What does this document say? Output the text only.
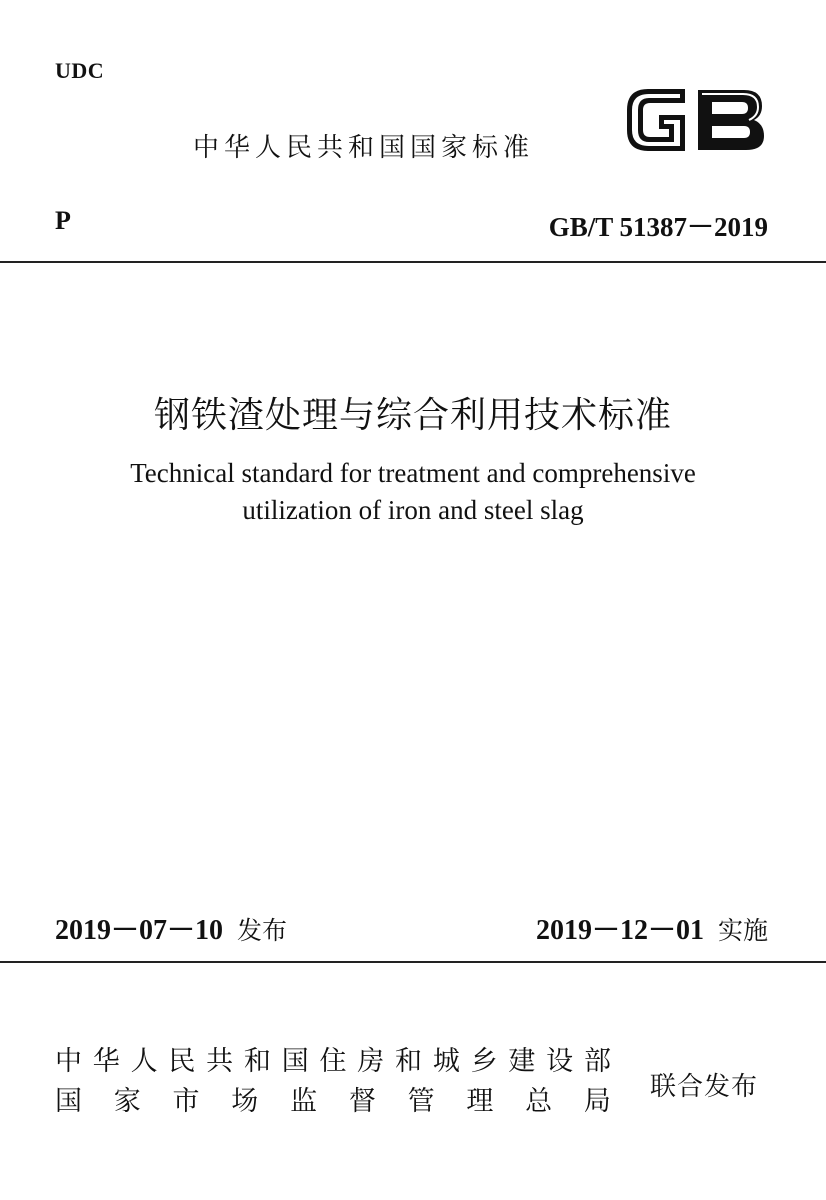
UDC
中华人民共和国国家标准
P	GB/T 51387－2019
钢铁渣处理与综合利用技术标准
Technical standard for treatment and comprehensive
utilization of iron and steel slag
2019－07－10 发布	2019－12－01 实施
中 华 人 民 共 和 国 住 房 和 城 乡 建 设 部
国 家 市 场 监 督 管 理 总 局 联合发布
